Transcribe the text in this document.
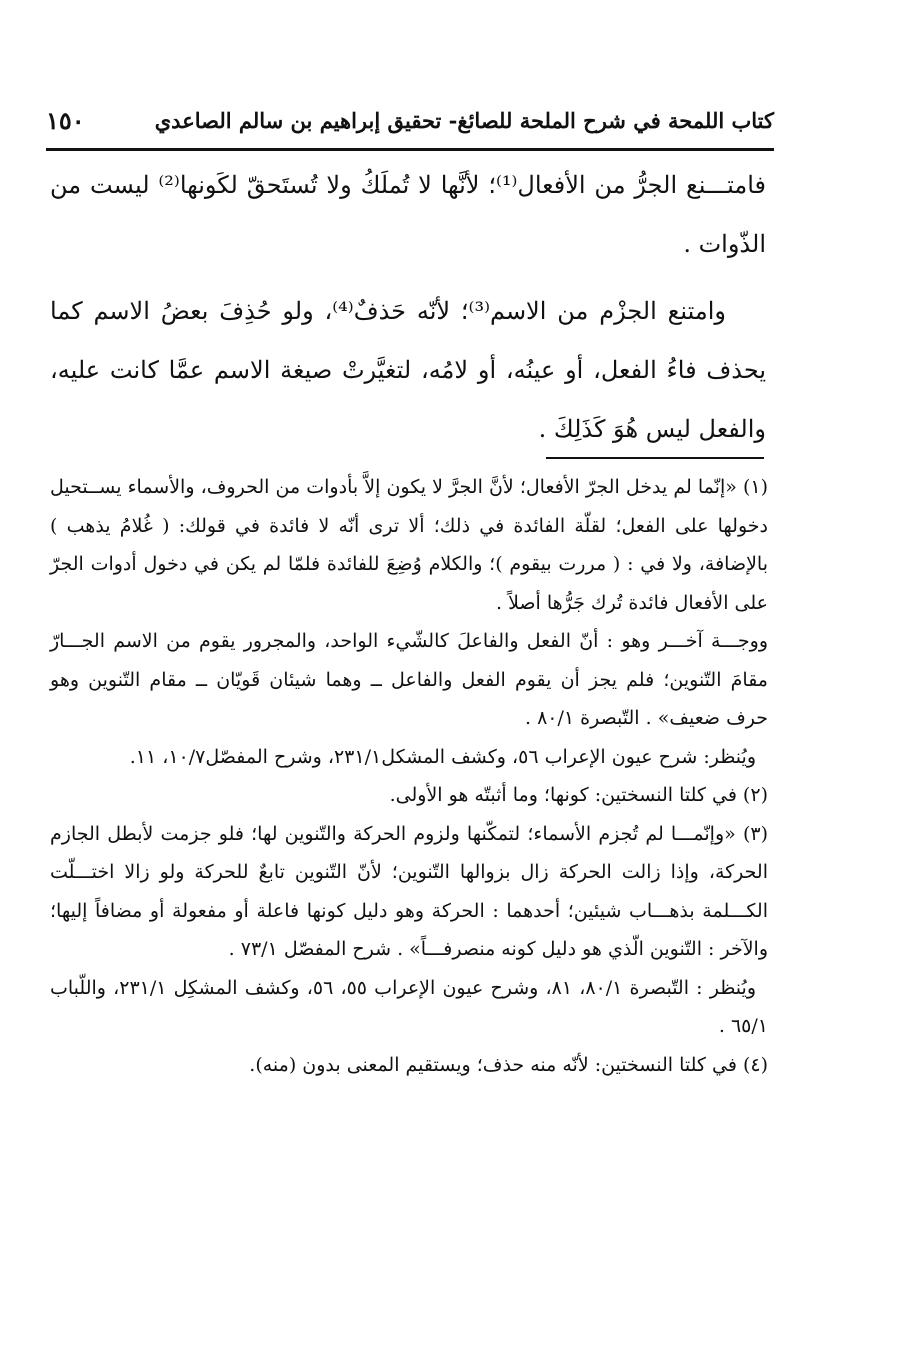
كتاب اللمحة في شرح الملحة للصائغ- تحقيق إبراهيم بن سالم الصاعدي
١٥٠

فامتـــنع الجرُّ من الأفعال⁽¹⁾؛ لأنَّها لا تُملَكُ ولا تُستَحقّ لكَونها⁽²⁾ ليست من الذّوات .

وامتنع الجزْم من الاسم⁽³⁾؛ لأنّه حَذفٌ⁽⁴⁾، ولو حُذِفَ بعضُ الاسم كما يحذف فاءُ الفعل، أو عينُه، أو لامُه، لتغيَّرتْ صيغة الاسم عمَّا كانت عليه، والفعل ليس هُوَ كَذَلِكَ .

(١) «إنّما لم يدخل الجرّ الأفعال؛ لأنَّ الجرَّ لا يكون إلاَّ بأدوات من الحروف، والأسماء يســتحيل دخولها على الفعل؛ لقلّة الفائدة في ذلك؛ ألا ترى أنّه لا فائدة في قولك: ( غُلامُ يذهب ) بالإضافة، ولا في : ( مررت بيقوم )؛ والكلام وُضِعَ للفائدة فلمّا لم يكن في دخول أدوات الجرّ على الأفعال فائدة تُرك جَرُّها أصلاً .

ووجـــة آخـــر وهو : أنّ الفعل والفاعلَ كالشّيء الواحد، والمجرور يقوم من الاسم الجـــارّ مقامَ التّنوين؛ فلم يجز أن يقوم الفعل والفاعل ــ وهما شيئان قَويّان ــ مقام التّنوين وهو حرف ضعيف» . التّبصرة ٨٠/١ .

ويُنظر: شرح عيون الإعراب ٥٦، وكشف المشكل٢٣١/١، وشرح المفصّل١٠/٧، ١١.

(٢) في كلتا النسختين: كونها؛ وما أثبتّه هو الأولى.

(٣) «وإنّمـــا لم تُجزم الأسماء؛ لتمكّنها ولزوم الحركة والتّنوين لها؛ فلو جزمت لأبطل الجازم الحركة، وإذا زالت الحركة زال بزوالها التّنوين؛ لأنّ التّنوين تابعٌ للحركة ولو زالا اختـــلّت الكـــلمة بذهـــاب شيئين؛ أحدهما : الحركة وهو دليل كونها فاعلة أو مفعولة أو مضافاً إليها؛ والآخر : التّنوين الّذي هو دليل كونه منصرفـــاً» . شرح المفصّل ٧٣/١ .

ويُنظر : التّبصرة ٨٠/١، ٨١، وشرح عيون الإعراب ٥٥، ٥٦، وكشف المشكِل ٢٣١/١، واللّباب ٦٥/١ .

(٤) في كلتا النسختين: لأنّه منه حذف؛ ويستقيم المعنى بدون (منه).
